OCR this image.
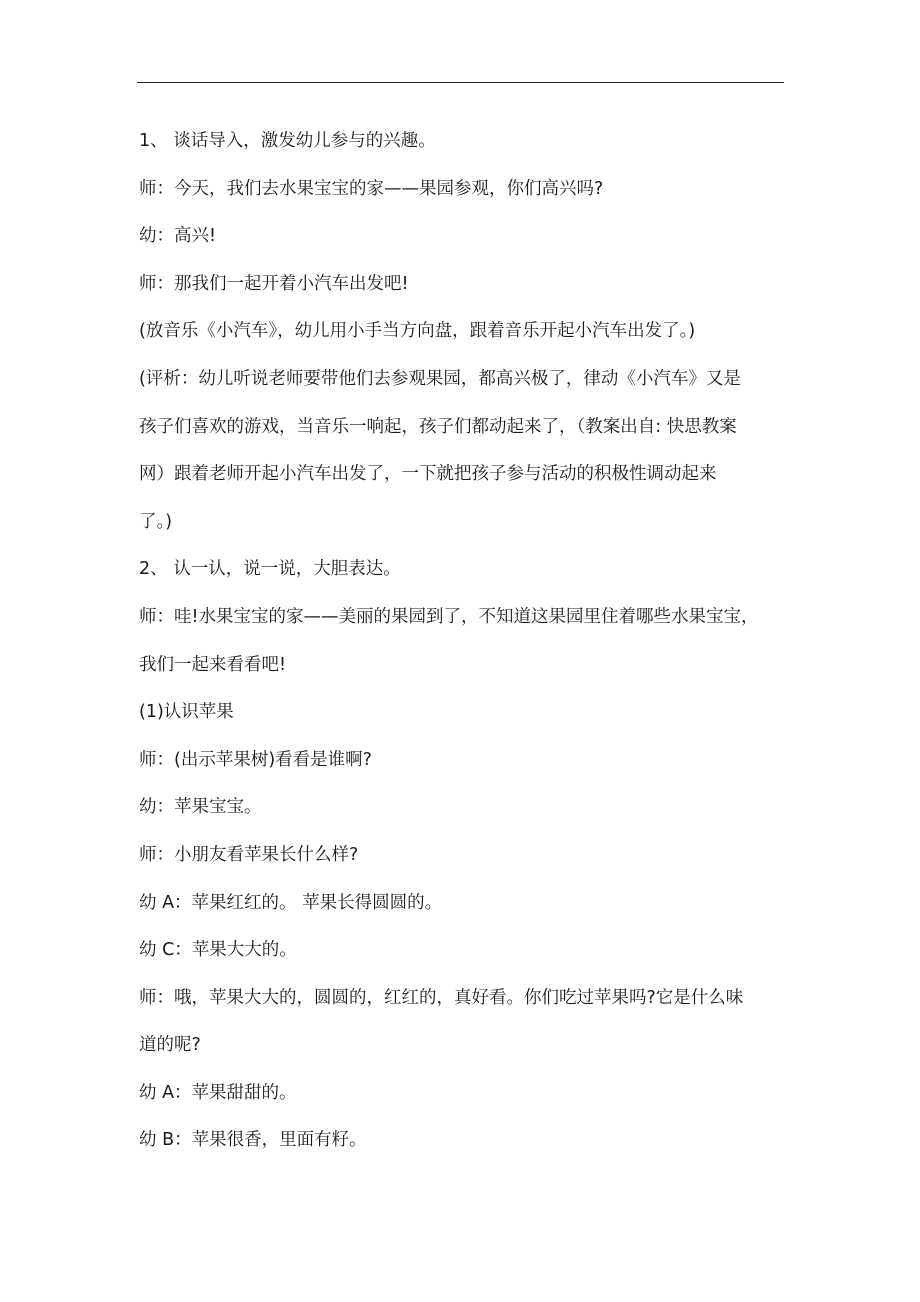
1、 谈话导入，激发幼儿参与的兴趣。
师：今天，我们去水果宝宝的家——果园参观，你们高兴吗?
幼：高兴!
师：那我们一起开着小汽车出发吧!
(放音乐《小汽车》，幼儿用小手当方向盘，跟着音乐开起小汽车出发了。)
(评析：幼儿听说老师要带他们去参观果园，都高兴极了，律动《小汽车》又是
孩子们喜欢的游戏，当音乐一响起，孩子们都动起来了，（教案出自: 快思教案
网）跟着老师开起小汽车出发了，一下就把孩子参与活动的积极性调动起来
了。)
2、 认一认，说一说，大胆表达。
师：哇!水果宝宝的家——美丽的果园到了，不知道这果园里住着哪些水果宝宝，
我们一起来看看吧!
(1)认识苹果
师：(出示苹果树)看看是谁啊?
幼：苹果宝宝。
师：小朋友看苹果长什么样?
幼 A：苹果红红的。 苹果长得圆圆的。
幼 C：苹果大大的。
师：哦，苹果大大的，圆圆的，红红的，真好看。你们吃过苹果吗?它是什么味
道的呢?
幼 A：苹果甜甜的。
幼 B：苹果很香，里面有籽。
